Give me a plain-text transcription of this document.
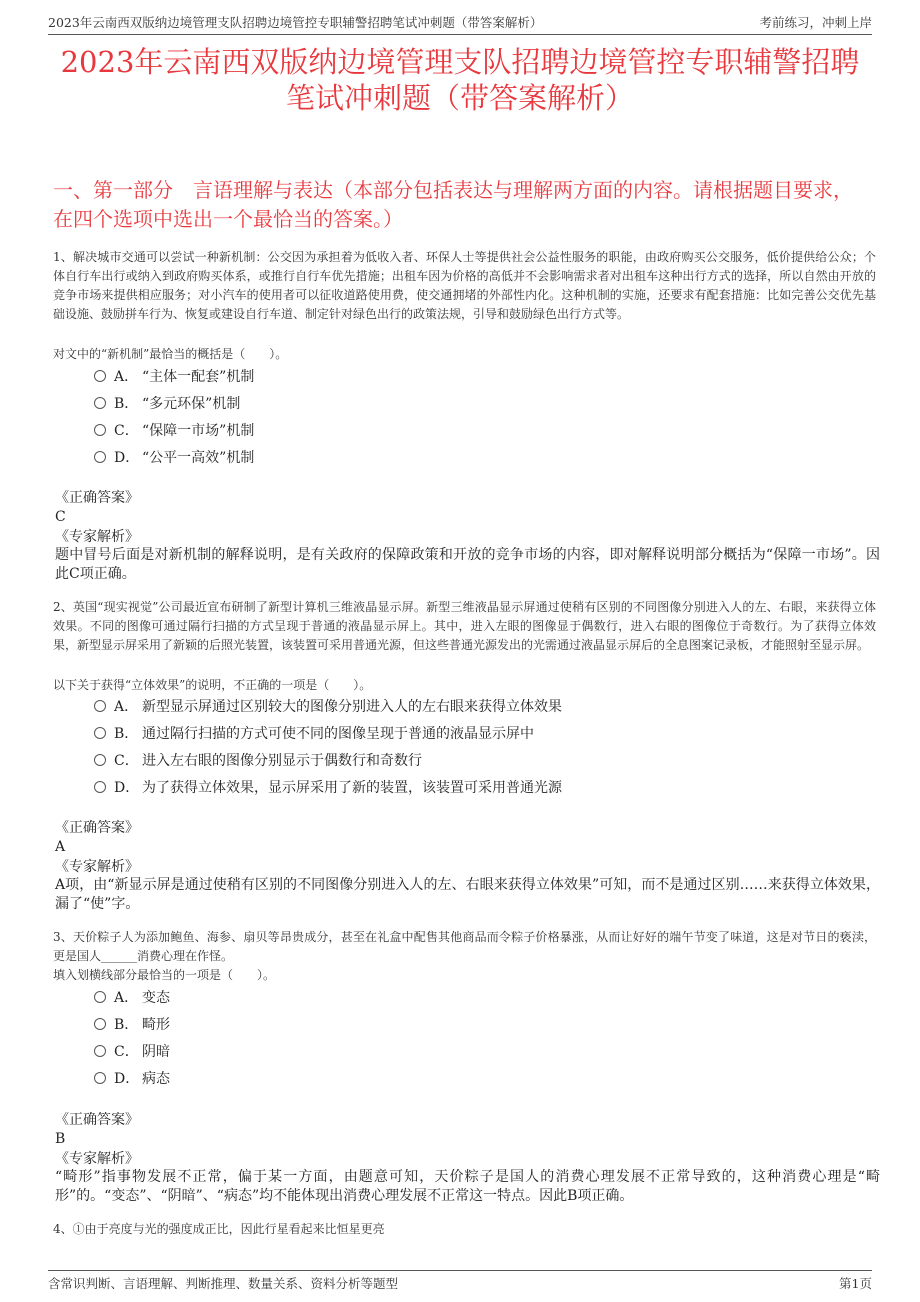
2023年云南西双版纳边境管理支队招聘边境管控专职辅警招聘笔试冲刺题（带答案解析）	考前练习，冲刺上岸
2023年云南西双版纳边境管理支队招聘边境管控专职辅警招聘
笔试冲刺题（带答案解析）
一、第一部分　言语理解与表达（本部分包括表达与理解两方面的内容。请根据题目要求，在四个选项中选出一个最恰当的答案。）
1、解决城市交通可以尝试一种新机制：公交因为承担着为低收入者、环保人士等提供社会公益性服务的职能，由政府购买公交服务，低价提供给公众；个体自行车出行或纳入到政府购买体系，或推行自行车优先措施；出租车因为价格的高低并不会影响需求者对出租车这种出行方式的选择，所以自然由开放的竞争市场来提供相应服务；对小汽车的使用者可以征收道路使用费，使交通拥堵的外部性内化。这种机制的实施，还要求有配套措施：比如完善公交优先基础设施、鼓励拼车行为、恢复或建设自行车道、制定针对绿色出行的政策法规，引导和鼓励绿色出行方式等。
对文中的“新机制”最恰当的概括是（　　）。
A． “主体一配套”机制
B． “多元环保”机制
C． “保障一市场”机制
D． “公平一高效”机制
《正确答案》
C
《专家解析》
题中冒号后面是对新机制的解释说明，是有关政府的保障政策和开放的竞争市场的内容，即对解释说明部分概括为“保障一市场”。因此C项正确。
2、英国“现实视觉”公司最近宣布研制了新型计算机三维液晶显示屏。新型三维液晶显示屏通过使稍有区别的不同图像分别进入人的左、右眼，来获得立体效果。不同的图像可通过隔行扫描的方式呈现于普通的液晶显示屏上。其中，进入左眼的图像显于偶数行，进入右眼的图像位于奇数行。为了获得立体效果，新型显示屏采用了新颖的后照光装置，该装置可采用普通光源，但这些普通光源发出的光需通过液晶显示屏后的全息图案记录板，才能照射至显示屏。
以下关于获得“立体效果”的说明，不正确的一项是（　　）。
A． 新型显示屏通过区别较大的图像分别进入人的左右眼来获得立体效果
B． 通过隔行扫描的方式可使不同的图像呈现于普通的液晶显示屏中
C． 进入左右眼的图像分别显示于偶数行和奇数行
D． 为了获得立体效果，显示屏采用了新的装置，该装置可采用普通光源
《正确答案》
A
《专家解析》
A项，由“新显示屏是通过使稍有区别的不同图像分别进入人的左、右眼来获得立体效果”可知，而不是通过区别……来获得立体效果，漏了“使”字。
3、天价粽子人为添加鲍鱼、海参、扇贝等昂贵成分，甚至在礼盒中配售其他商品而令粽子价格暴涨，从而让好好的端午节变了味道，这是对节日的亵渎，更是国人______消费心理在作怪。
填入划横线部分最恰当的一项是（　　）。
A． 变态
B． 畸形
C． 阴暗
D． 病态
《正确答案》
B
《专家解析》
“畸形”指事物发展不正常，偏于某一方面，由题意可知，天价粽子是国人的消费心理发展不正常导致的，这种消费心理是“畸形”的。“变态”、“阴暗”、“病态”均不能体现出消费心理发展不正常这一特点。因此B项正确。
4、①由于亮度与光的强度成正比，因此行星看起来比恒星更亮
含常识判断、言语理解、判断推理、数量关系、资料分析等题型	第1页
